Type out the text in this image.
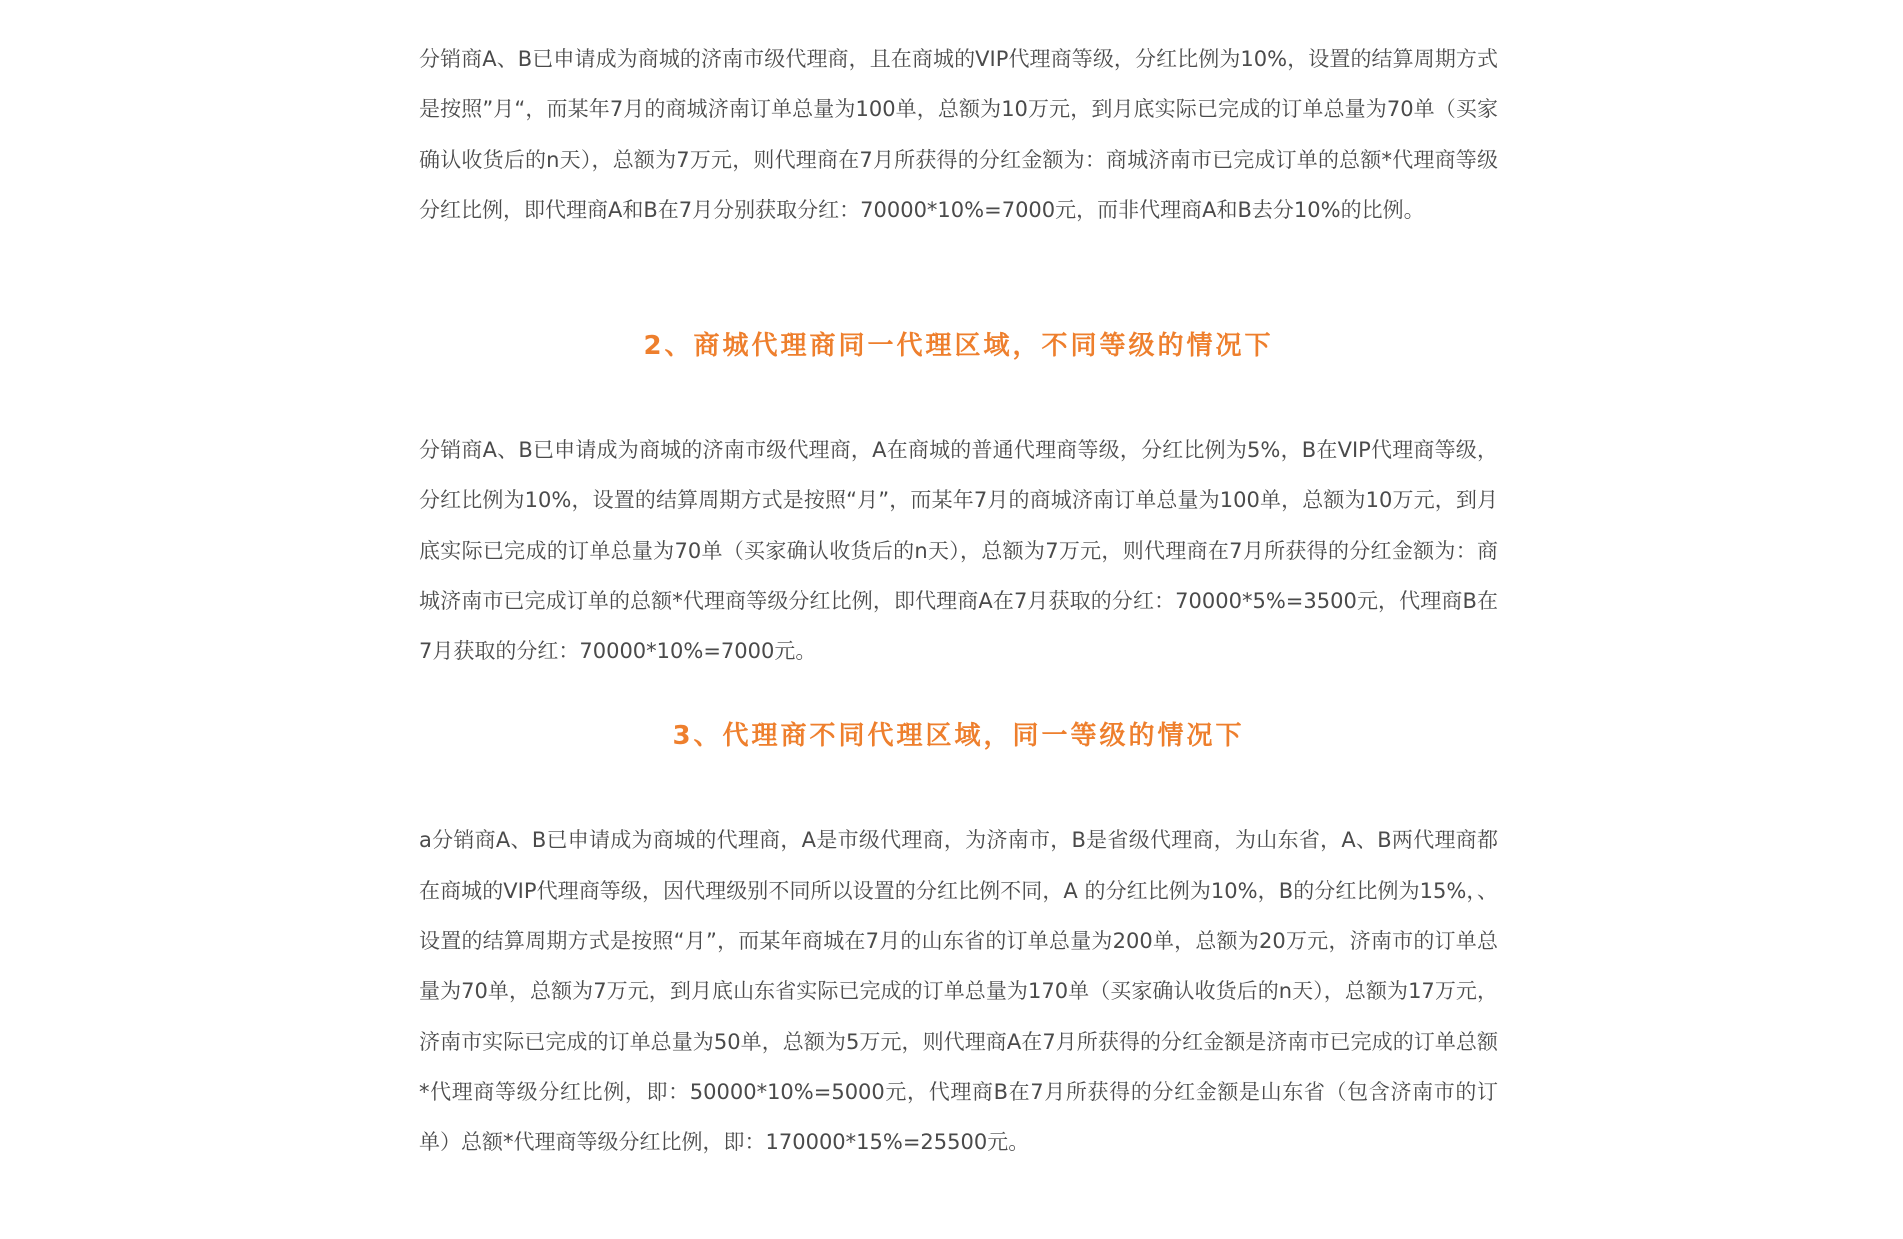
分销商A、B已申请成为商城的济南市级代理商，且在商城的VIP代理商等级，分红比例为10%，设置的结算周期方式是按照”月“，而某年7月的商城济南订单总量为100单，总额为10万元，到月底实际已完成的订单总量为70单（买家确认收货后的n天），总额为7万元，则代理商在7月所获得的分红金额为：商城济南市已完成订单的总额*代理商等级分红比例，即代理商A和B在7月分别获取分红：70000*10%=7000元，而非代理商A和B去分10%的比例。

2、商城代理商同一代理区域，不同等级的情况下

分销商A、B已申请成为商城的济南市级代理商，A在商城的普通代理商等级，分红比例为5%，B在VIP代理商等级，分红比例为10%，设置的结算周期方式是按照“月”，而某年7月的商城济南订单总量为100单，总额为10万元，到月底实际已完成的订单总量为70单（买家确认收货后的n天），总额为7万元，则代理商在7月所获得的分红金额为：商城济南市已完成订单的总额*代理商等级分红比例，即代理商A在7月获取的分红：70000*5%=3500元，代理商B在7月获取的分红：70000*10%=7000元。

3、代理商不同代理区域，同一等级的情况下

a分销商A、B已申请成为商城的代理商，A是市级代理商，为济南市，B是省级代理商，为山东省，A、B两代理商都在商城的VIP代理商等级，因代理级别不同所以设置的分红比例不同，A 的分红比例为10%，B的分红比例为15%，、设置的结算周期方式是按照“月”，而某年商城在7月的山东省的订单总量为200单，总额为20万元，济南市的订单总量为70单，总额为7万元，到月底山东省实际已完成的订单总量为170单（买家确认收货后的n天），总额为17万元，济南市实际已完成的订单总量为50单，总额为5万元，则代理商A在7月所获得的分红金额是济南市已完成的订单总额*代理商等级分红比例，即：50000*10%=5000元，代理商B在7月所获得的分红金额是山东省（包含济南市的订单）总额*代理商等级分红比例，即：170000*15%=25500元。
